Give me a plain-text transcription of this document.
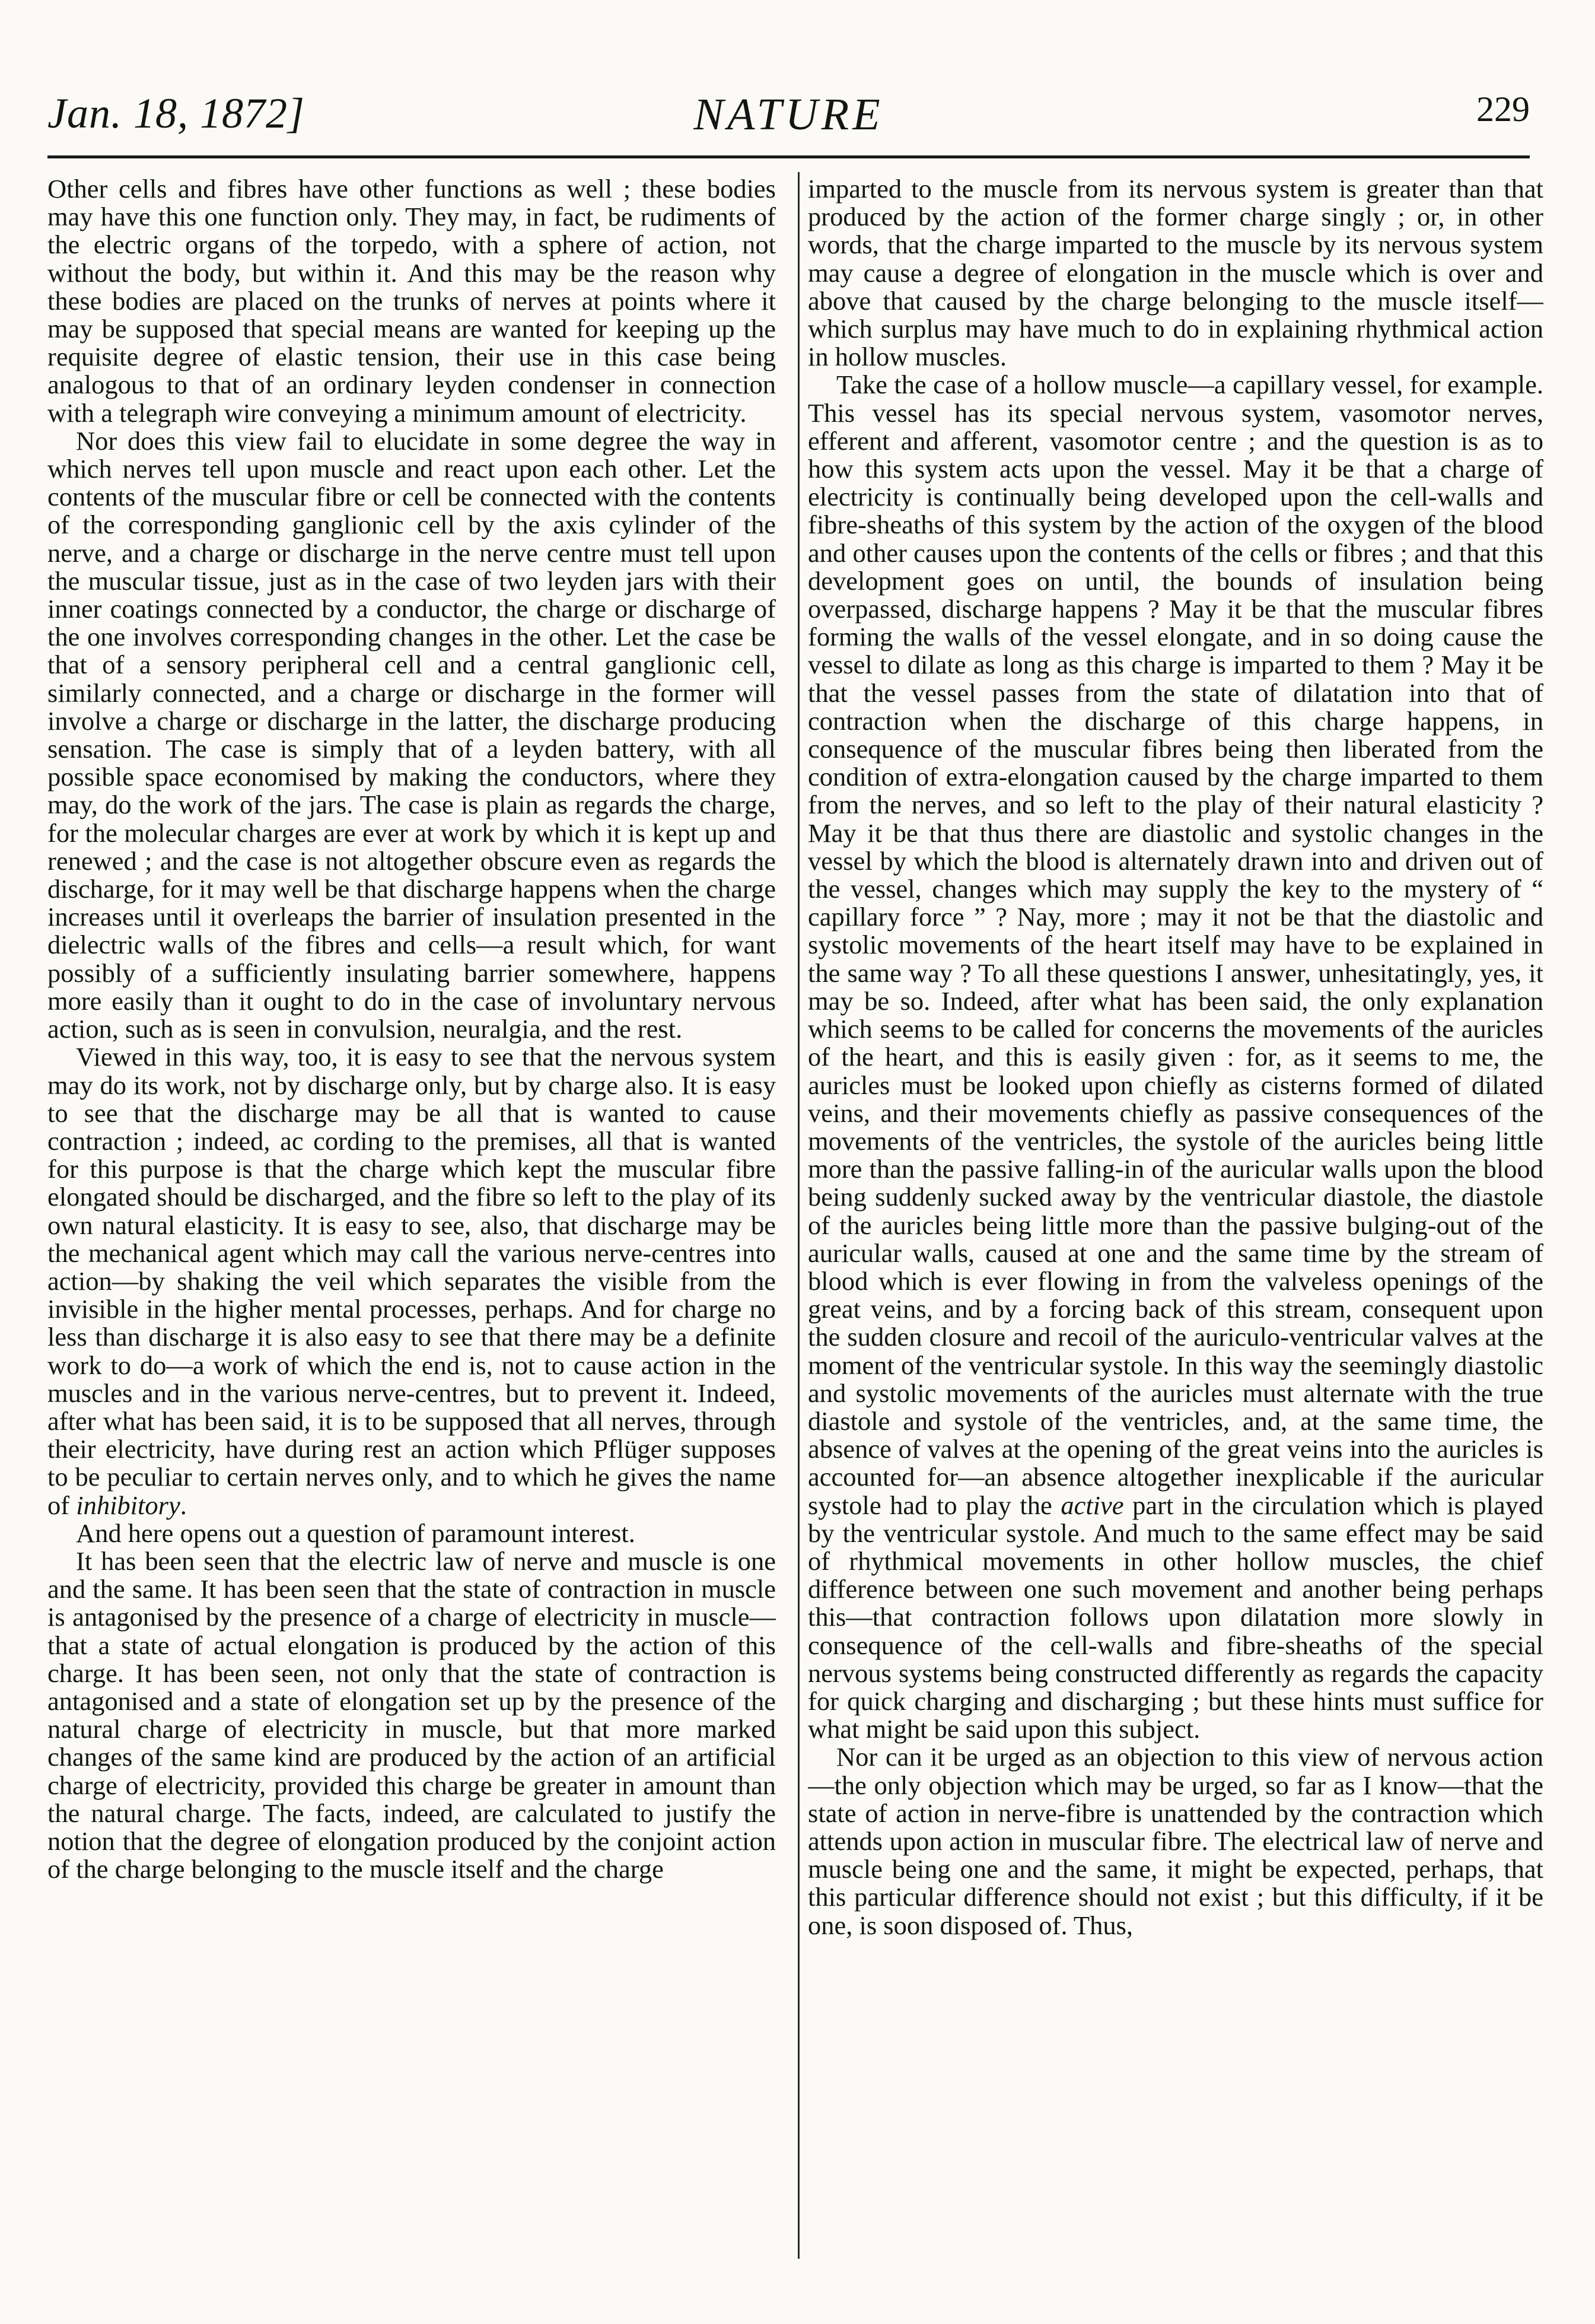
Jan. 18, 1872]	NATURE	229

Other cells and fibres have other functions as well ; these bodies may have this one function only. They may, in fact, be rudiments of the electric organs of the torpedo, with a sphere of action, not without the body, but within it. And this may be the reason why these bodies are placed on the trunks of nerves at points where it may be supposed that special means are wanted for keeping up the requisite degree of elastic tension, their use in this case being analogous to that of an ordinary leyden condenser in connection with a telegraph wire conveying a minimum amount of electricity.

Nor does this view fail to elucidate in some degree the way in which nerves tell upon muscle and react upon each other. Let the contents of the muscular fibre or cell be connected with the contents of the corresponding ganglionic cell by the axis cylinder of the nerve, and a charge or discharge in the nerve centre must tell upon the muscular tissue, just as in the case of two leyden jars with their inner coatings connected by a conductor, the charge or discharge of the one involves corresponding changes in the other. Let the case be that of a sensory peripheral cell and a central ganglionic cell, similarly connected, and a charge or discharge in the former will involve a charge or discharge in the latter, the discharge producing sensation. The case is simply that of a leyden battery, with all possible space economised by making the conductors, where they may, do the work of the jars. The case is plain as regards the charge, for the molecular charges are ever at work by which it is kept up and renewed ; and the case is not altogether obscure even as regards the discharge, for it may well be that discharge happens when the charge increases until it overleaps the barrier of insulation presented in the dielectric walls of the fibres and cells—a result which, for want possibly of a sufficiently insulating barrier somewhere, happens more easily than it ought to do in the case of involuntary nervous action, such as is seen in convulsion, neuralgia, and the rest.

Viewed in this way, too, it is easy to see that the nervous system may do its work, not by discharge only, but by charge also. It is easy to see that the discharge may be all that is wanted to cause contraction ; indeed, ac cording to the premises, all that is wanted for this purpose is that the charge which kept the muscular fibre elongated should be discharged, and the fibre so left to the play of its own natural elasticity. It is easy to see, also, that discharge may be the mechanical agent which may call the various nerve-centres into action—by shaking the veil which separates the visible from the invisible in the higher mental processes, perhaps. And for charge no less than discharge it is also easy to see that there may be a definite work to do—a work of which the end is, not to cause action in the muscles and in the various nerve-centres, but to prevent it. Indeed, after what has been said, it is to be supposed that all nerves, through their electricity, have during rest an action which Pflüger supposes to be peculiar to certain nerves only, and to which he gives the name of inhibitory.

And here opens out a question of paramount interest.

It has been seen that the electric law of nerve and muscle is one and the same. It has been seen that the state of contraction in muscle is antagonised by the presence of a charge of electricity in muscle—that a state of actual elongation is produced by the action of this charge. It has been seen, not only that the state of contraction is antagonised and a state of elongation set up by the presence of the natural charge of electricity in muscle, but that more marked changes of the same kind are produced by the action of an artificial charge of electricity, provided this charge be greater in amount than the natural charge. The facts, indeed, are calculated to justify the notion that the degree of elongation produced by the conjoint action of the charge belonging to the muscle itself and the charge

imparted to the muscle from its nervous system is greater than that produced by the action of the former charge singly ; or, in other words, that the charge imparted to the muscle by its nervous system may cause a degree of elongation in the muscle which is over and above that caused by the charge belonging to the muscle itself—which surplus may have much to do in explaining rhythmical action in hollow muscles.

Take the case of a hollow muscle—a capillary vessel, for example. This vessel has its special nervous system, vasomotor nerves, efferent and afferent, vasomotor centre ; and the question is as to how this system acts upon the vessel. May it be that a charge of electricity is continually being developed upon the cell-walls and fibre-sheaths of this system by the action of the oxygen of the blood and other causes upon the contents of the cells or fibres ; and that this development goes on until, the bounds of insulation being overpassed, discharge happens ? May it be that the muscular fibres forming the walls of the vessel elongate, and in so doing cause the vessel to dilate as long as this charge is imparted to them ? May it be that the vessel passes from the state of dilatation into that of contraction when the discharge of this charge happens, in consequence of the muscular fibres being then liberated from the condition of extra-elongation caused by the charge imparted to them from the nerves, and so left to the play of their natural elasticity ? May it be that thus there are diastolic and systolic changes in the vessel by which the blood is alternately drawn into and driven out of the vessel, changes which may supply the key to the mystery of “ capillary force ” ? Nay, more ; may it not be that the diastolic and systolic movements of the heart itself may have to be explained in the same way ? To all these questions I answer, unhesitatingly, yes, it may be so. Indeed, after what has been said, the only explanation which seems to be called for concerns the movements of the auricles of the heart, and this is easily given : for, as it seems to me, the auricles must be looked upon chiefly as cisterns formed of dilated veins, and their movements chiefly as passive consequences of the movements of the ventricles, the systole of the auricles being little more than the passive falling-in of the auricular walls upon the blood being suddenly sucked away by the ventricular diastole, the diastole of the auricles being little more than the passive bulging-out of the auricular walls, caused at one and the same time by the stream of blood which is ever flowing in from the valveless openings of the great veins, and by a forcing back of this stream, consequent upon the sudden closure and recoil of the auriculo-ventricular valves at the moment of the ventricular systole. In this way the seemingly diastolic and systolic movements of the auricles must alternate with the true diastole and systole of the ventricles, and, at the same time, the absence of valves at the opening of the great veins into the auricles is accounted for—an absence altogether inexplicable if the auricular systole had to play the active part in the circulation which is played by the ventricular systole. And much to the same effect may be said of rhythmical movements in other hollow muscles, the chief difference between one such movement and another being perhaps this—that contraction follows upon dilatation more slowly in consequence of the cell-walls and fibre-sheaths of the special nervous systems being constructed differently as regards the capacity for quick charging and discharging ; but these hints must suffice for what might be said upon this subject.

Nor can it be urged as an objection to this view of nervous action—the only objection which may be urged, so far as I know—that the state of action in nerve-fibre is unattended by the contraction which attends upon action in muscular fibre. The electrical law of nerve and muscle being one and the same, it might be expected, perhaps, that this particular difference should not exist ; but this difficulty, if it be one, is soon disposed of. Thus,
